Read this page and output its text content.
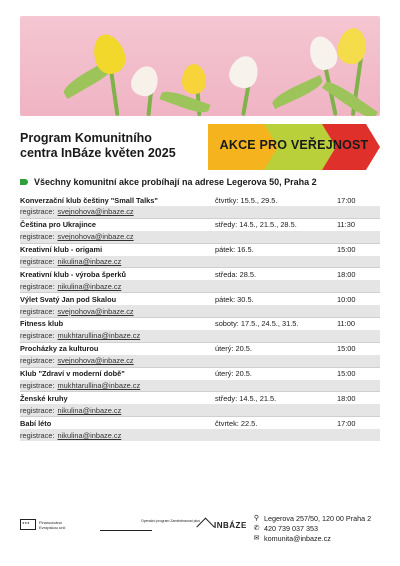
Program Komunitního
centra InBáze květen 2025
AKCE PRO VEŘEJNOST
Všechny komunitní akce probíhají na adrese Legerova 50, Praha 2
Konverzační klub češtiny "Small Talks"	čtvrtky: 15.5., 29.5.	17:00
registrace: svejnohova@inbaze.cz
Čeština pro Ukrajince	středy: 14.5., 21.5., 28.5.	11:30
registrace: svejnohova@inbaze.cz
Kreativní klub - origami	pátek: 16.5.	15:00
registrace: nikulina@inbaze.cz
Kreativní klub - výroba šperků	středa: 28.5.	18:00
registrace: nikulina@inbaze.cz
Výlet Svatý Jan pod Skalou	pátek: 30.5.	10:00
registrace: svejnohova@inbaze.cz
Fitness klub	soboty: 17.5., 24.5., 31.5.	11:00
registrace: mukhtarullina@inbaze.cz
Procházky za kulturou	úterý: 20.5.	15:00
registrace: svejnohova@inbaze.cz
Klub "Zdraví v moderní době"	úterý: 20.5.	15:00
registrace: mukhtarullina@inbaze.cz
Ženské kruhy	středy: 14.5., 21.5.	18:00
registrace: nikulina@inbaze.cz
Babí léto	čtvrtek: 22.5.	17:00
registrace: nikulina@inbaze.cz
★ ★ ★
Financováno Evropskou unií
Operační program Zaměstnanost plus INBÁZE
⚲ Legerova 257/50, 120 00 Praha 2
✆ 420 739 037 353
✉ komunita@inbaze.cz
